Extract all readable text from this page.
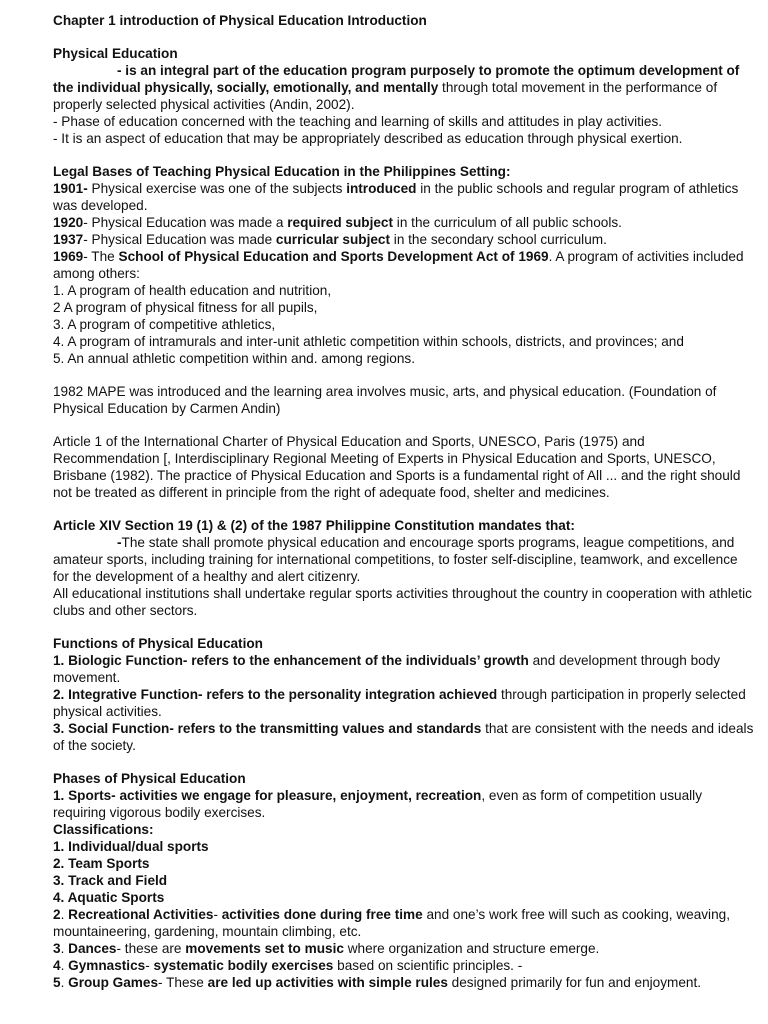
Chapter 1 introduction of Physical Education Introduction

Physical Education

- is an integral part of the education program purposely to promote the optimum development of the individual physically, socially, emotionally, and mentally through total movement in the performance of properly selected physical activities (Andin, 2002).

- Phase of education concerned with the teaching and learning of skills and attitudes in play activities.

- It is an aspect of education that may be appropriately described as education through physical exertion.

Legal Bases of Teaching Physical Education in the Philippines Setting:

1901- Physical exercise was one of the subjects introduced in the public schools and regular program of athletics was developed.

1920- Physical Education was made a required subject in the curriculum of all public schools.

1937- Physical Education was made curricular subject in the secondary school curriculum.

1969- The School of Physical Education and Sports Development Act of 1969. A program of activities included among others:

1. A program of health education and nutrition,

2 A program of physical fitness for all pupils,

3. A program of competitive athletics,

4. A program of intramurals and inter-unit athletic competition within schools, districts, and provinces; and

5. An annual athletic competition within and. among regions.

1982 MAPE was introduced and the learning area involves music, arts, and physical education. (Foundation of Physical Education by Carmen Andin)

Article 1 of the International Charter of Physical Education and Sports, UNESCO, Paris (1975) and Recommendation [, Interdisciplinary Regional Meeting of Experts in Physical Education and Sports, UNESCO, Brisbane (1982). The practice of Physical Education and Sports is a fundamental right of All ... and the right should not be treated as different in principle from the right of adequate food, shelter and medicines.

Article XIV Section 19 (1) & (2) of the 1987 Philippine Constitution mandates that:

-The state shall promote physical education and encourage sports programs, league competitions, and amateur sports, including training for international competitions, to foster self-discipline, teamwork, and excellence for the development of a healthy and alert citizenry.

All educational institutions shall undertake regular sports activities throughout the country in cooperation with athletic clubs and other sectors.

Functions of Physical Education

1. Biologic Function- refers to the enhancement of the individuals’ growth and development through body movement.

2. Integrative Function- refers to the personality integration achieved through participation in properly selected physical activities.

3. Social Function- refers to the transmitting values and standards that are consistent with the needs and ideals of the society.

Phases of Physical Education

1. Sports- activities we engage for pleasure, enjoyment, recreation, even as form of competition usually requiring vigorous bodily exercises.

Classifications:

1. Individual/dual sports

2. Team Sports

3. Track and Field

4. Aquatic Sports

2. Recreational Activities- activities done during free time and one’s work free will such as cooking, weaving, mountaineering, gardening, mountain climbing, etc.

3. Dances- these are movements set to music where organization and structure emerge.

4. Gymnastics- systematic bodily exercises based on scientific principles. -

5. Group Games- These are led up activities with simple rules designed primarily for fun and enjoyment.
